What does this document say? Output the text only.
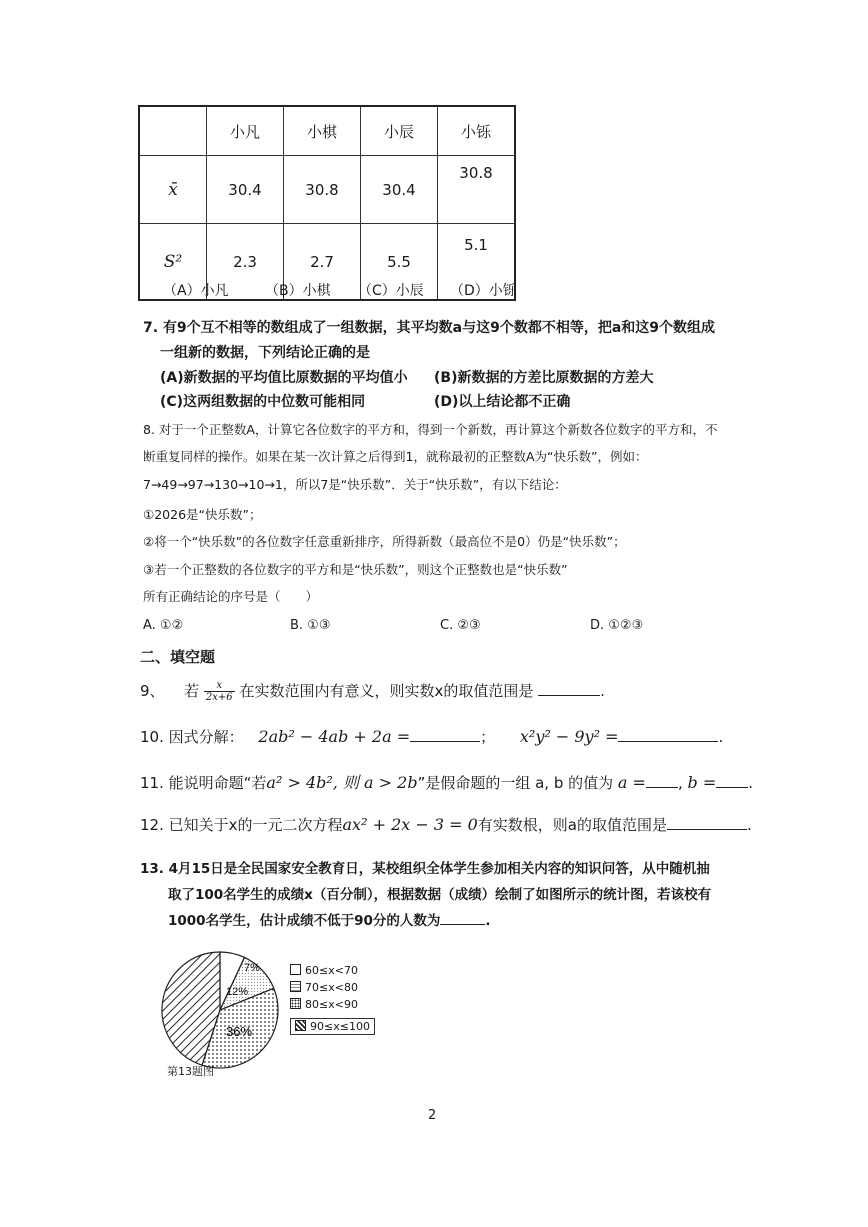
	小凡	小棋	小辰	小铄
x̄	30.4	30.8	30.4	30.8
S²	2.3	2.7	5.5	5.1
（A）小凡	（B）小棋 （C）小辰 （D）小铄
7. 有9个互不相等的数组成了一组数据，其平均数a与这9个数都不相等，把a和这9个数组成
一组新的数据，下列结论正确的是
(A)新数据的平均值比原数据的平均值小 (B)新数据的方差比原数据的方差大
(C)这两组数据的中位数可能相同	(D)以上结论都不正确
8. 对于一个正整数A，计算它各位数字的平方和，得到一个新数，再计算这个新数各位数字的平方和，不
断重复同样的操作。如果在某一次计算之后得到1，就称最初的正整数A为“快乐数”，例如：
7→49→97→130→10→1，所以7是“快乐数”．关于“快乐数”，有以下结论：
①2026是“快乐数”；
②将一个“快乐数”的各位数字任意重新排序，所得新数（最高位不是0）仍是“快乐数”；
③若一个正整数的各位数字的平方和是“快乐数”，则这个正整数也是“快乐数”
所有正确结论的序号是（　　）
A. ①②	B. ①③	C. ②③	D. ①②③
二、填空题
9、 若 $\frac{x}{2x+6}$ 在实数范围内有意义，则实数x的取值范围是	.
10. 因式分解： 2ab² − 4ab + 2a =	； x²y² − 9y² =	.
11. 能说明命题“若a² > 4b², 则 a > 2b”是假命题的一组 a, b 的值为 a = , b = .
12. 已知关于x的一元二次方程ax² + 2x − 3 = 0有实数根，则a的取值范围是	.
13. 4月15日是全民国家安全教育日，某校组织全体学生参加相关内容的知识问答，从中随机抽
取了100名学生的成绩x（百分制），根据数据（成绩）绘制了如图所示的统计图，若该校有
1000名学生，估计成绩不低于90分的人数为	.
7%
12%
36%
60≤x<70
70≤x<80
80≤x<90
90≤x≤100
第13题图
2
